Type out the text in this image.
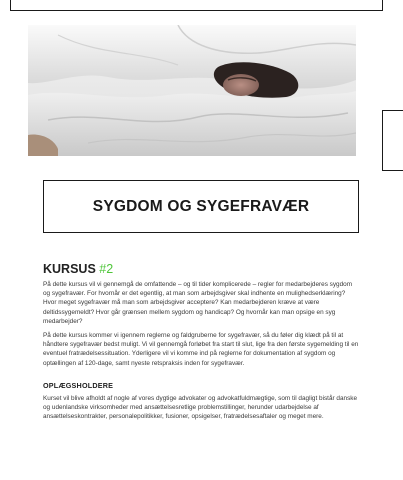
SYGDOM OG SYGEFRAVÆR
KURSUS #2

På dette kursus vil vi gennemgå de omfattende – og til tider komplicerede – regler for medarbejderes sygdom og sygefravær. For hvornår er det egentlig, at man som arbejdsgiver skal indhente en mulighedserklæring? Hvor meget sygefravær må man som arbejdsgiver acceptere? Kan medarbejderen kræve at være deltidssygemeldt? Hvor går grænsen mellem sygdom og handicap? Og hvornår kan man opsige en syg medarbejder?

På dette kursus kommer vi igennem reglerne og faldgruberne for sygefravær, så du føler dig klædt på til at håndtere sygefravær bedst muligt. Vi vil gennemgå forløbet fra start til slut, lige fra den første sygemelding til en eventuel fratrædelsessituation. Yderligere vil vi komme ind på reglerne for dokumentation af sygdom og optællingen af 120-dage, samt nyeste retspraksis inden for sygefravær.

OPLÆGSHOLDERE

Kurset vil blive afholdt af nogle af vores dygtige advokater og advokatfuldmægtige, som til dagligt bistår danske og udenlandske virksomheder med ansættelsesretlige problemstillinger, herunder udarbejdelse af ansættelseskontrakter, personalepolitikker, fusioner, opsigelser, fratrædelsesaftaler og meget mere.
